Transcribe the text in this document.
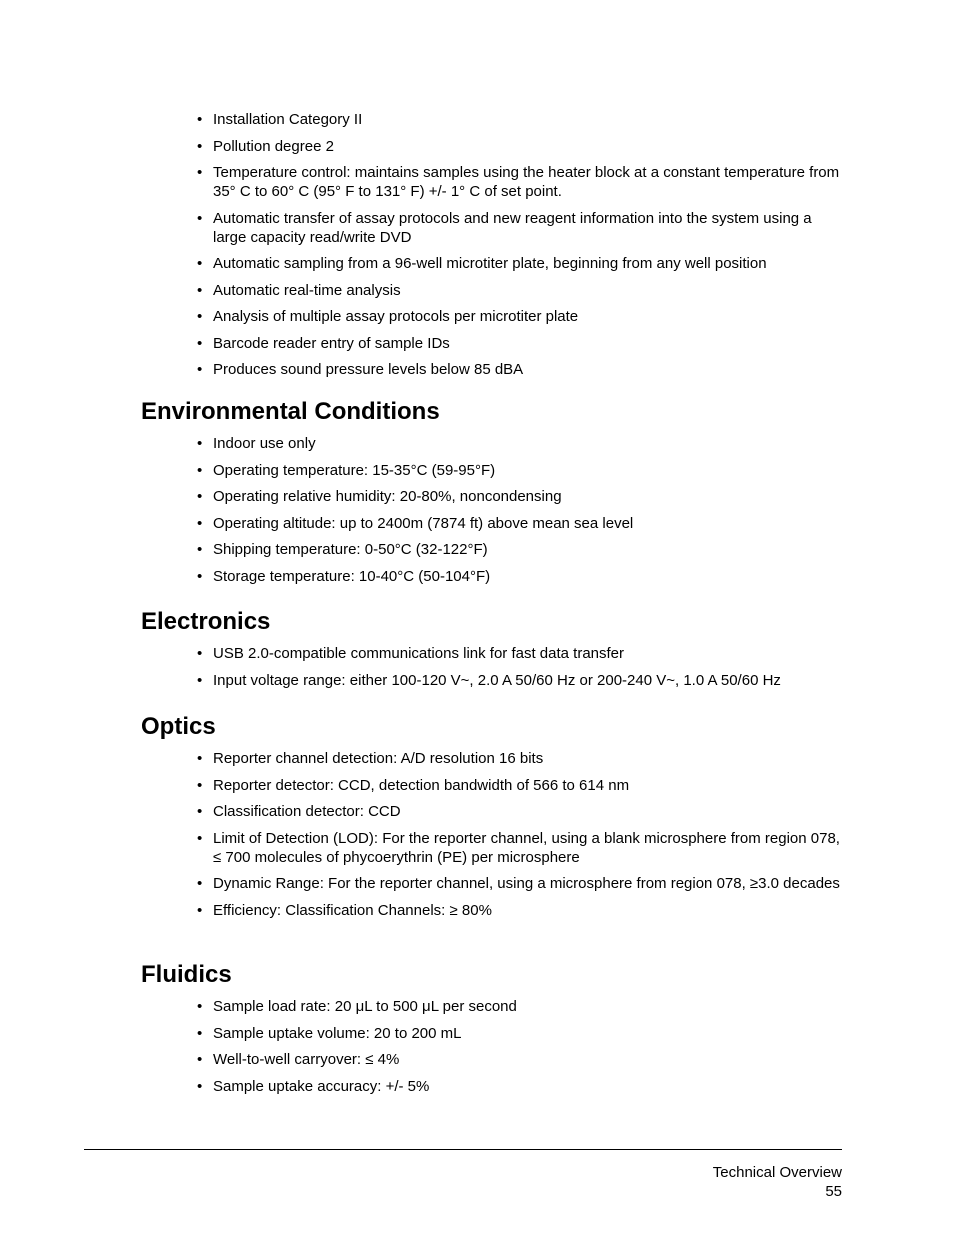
• Installation Category II
• Pollution degree 2
• Temperature control: maintains samples using the heater block at a constant temperature from 35° C to 60° C (95° F to 131° F) +/- 1° C of set point.
• Automatic transfer of assay protocols and new reagent information into the system using a large capacity read/write DVD
• Automatic sampling from a 96-well microtiter plate, beginning from any well position
• Automatic real-time analysis
• Analysis of multiple assay protocols per microtiter plate
• Barcode reader entry of sample IDs
• Produces sound pressure levels below 85 dBA
Environmental Conditions
• Indoor use only
• Operating temperature: 15-35°C (59-95°F)
• Operating relative humidity: 20-80%, noncondensing
• Operating altitude: up to 2400m (7874 ft) above mean sea level
• Shipping temperature: 0-50°C (32-122°F)
• Storage temperature: 10-40°C (50-104°F)
Electronics
• USB 2.0-compatible communications link for fast data transfer
• Input voltage range: either 100-120 V~, 2.0 A 50/60 Hz or 200-240 V~, 1.0 A 50/60 Hz
Optics
• Reporter channel detection: A/D resolution 16 bits
• Reporter detector: CCD, detection bandwidth of 566 to 614 nm
• Classification detector: CCD
• Limit of Detection (LOD): For the reporter channel, using a blank microsphere from region 078, ≤ 700 molecules of phycoerythrin (PE) per microsphere
• Dynamic Range: For the reporter channel, using a microsphere from region 078, ≥3.0 decades
• Efficiency: Classification Channels: ≥ 80%
Fluidics
• Sample load rate: 20 μL to 500 μL per second
• Sample uptake volume: 20 to 200 mL
• Well-to-well carryover: ≤ 4%
• Sample uptake accuracy: +/- 5%
Technical Overview
55
